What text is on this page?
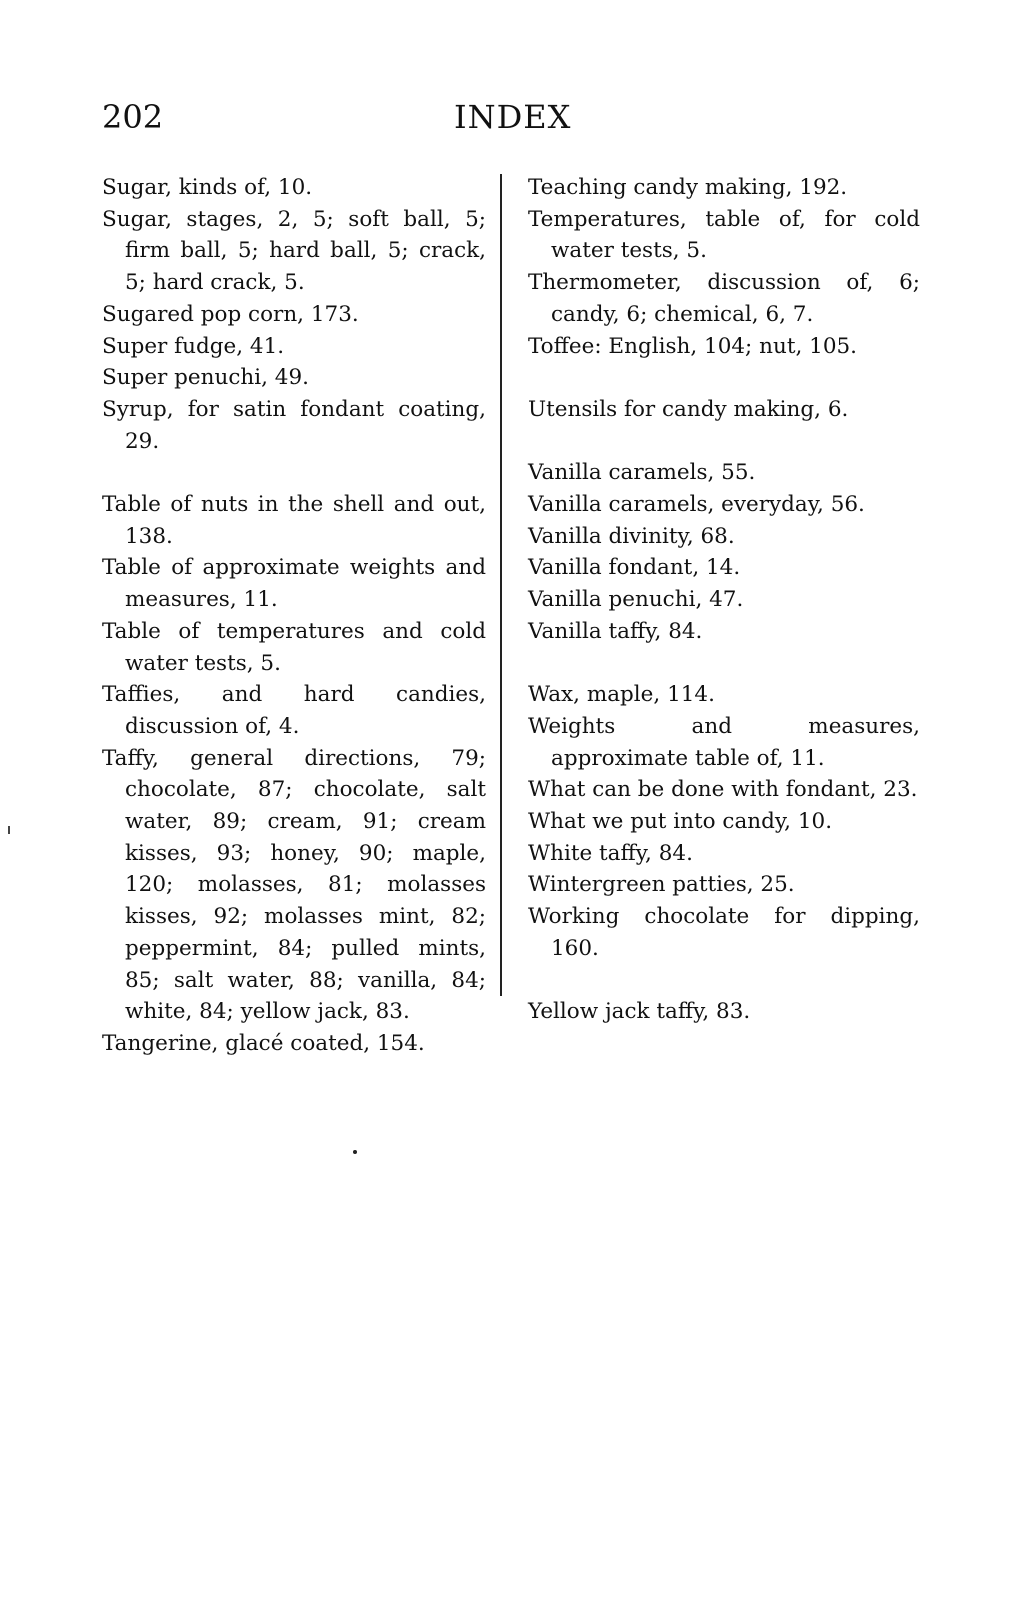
202	INDEX
Sugar, kinds of, 10.
Sugar, stages, 2, 5; soft ball, 5; firm ball, 5; hard ball, 5; crack, 5; hard crack, 5.
Sugared pop corn, 173.
Super fudge, 41.
Super penuchi, 49.
Syrup, for satin fondant coating, 29.
Table of nuts in the shell and out, 138.
Table of approximate weights and measures, 11.
Table of temperatures and cold water tests, 5.
Taffies, and hard candies, discussion of, 4.
Taffy, general directions, 79; chocolate, 87; chocolate, salt water, 89; cream, 91; cream kisses, 93; honey, 90; maple, 120; molasses, 81; molasses kisses, 92; molasses mint, 82; peppermint, 84; pulled mints, 85; salt water, 88; vanilla, 84; white, 84; yellow jack, 83.
Tangerine, glacé coated, 154.
Teaching candy making, 192.
Temperatures, table of, for cold water tests, 5.
Thermometer, discussion of, 6; candy, 6; chemical, 6, 7.
Toffee: English, 104; nut, 105.
Utensils for candy making, 6.
Vanilla caramels, 55.
Vanilla caramels, everyday, 56.
Vanilla divinity, 68.
Vanilla fondant, 14.
Vanilla penuchi, 47.
Vanilla taffy, 84.
Wax, maple, 114.
Weights and measures, approximate table of, 11.
What can be done with fondant, 23.
What we put into candy, 10.
White taffy, 84.
Wintergreen patties, 25.
Working chocolate for dipping, 160.
Yellow jack taffy, 83.
